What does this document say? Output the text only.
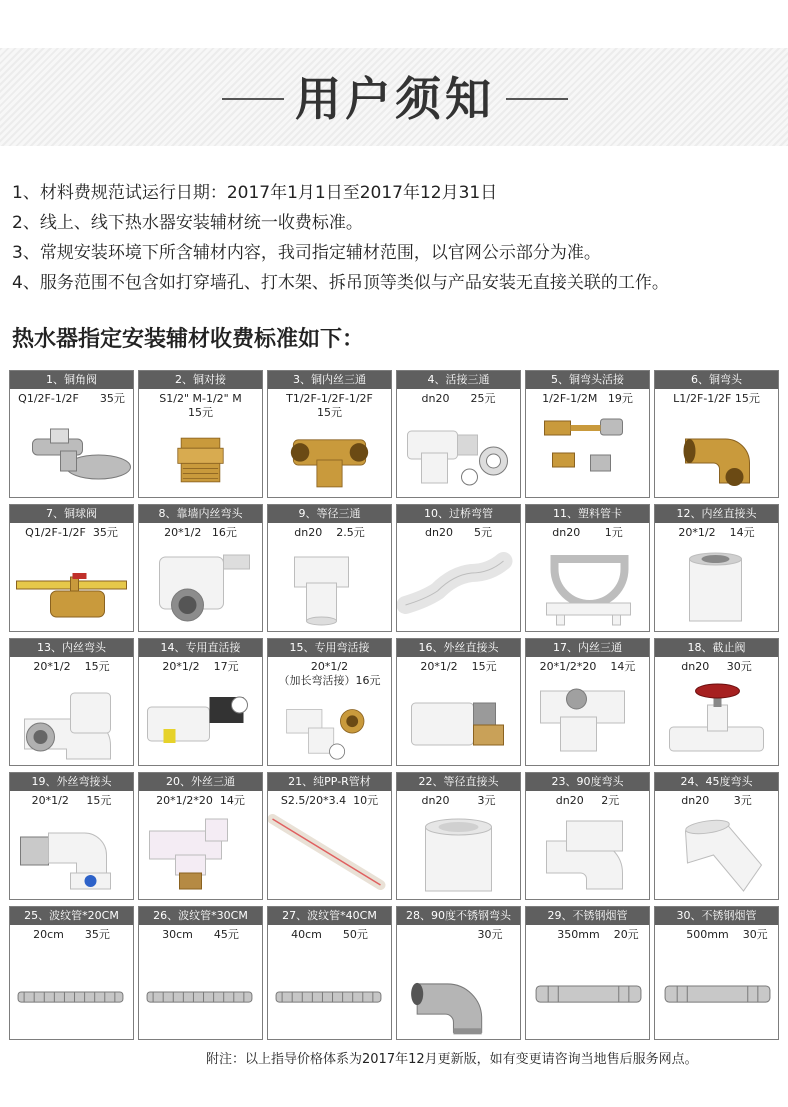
用户须知
1、材料费规范试运行日期：2017年1月1日至2017年12月31日
2、线上、线下热水器安装辅材统一收费标准。
3、常规安装环境下所含辅材内容，我司指定辅材范围，以官网公示部分为准。
4、服务范围不包含如打穿墙孔、打木架、拆吊顶等类似与产品安装无直接关联的工作。
热水器指定安装辅材收费标准如下：
1、铜角阀
Q1/2F-1/2F      35元
2、铜对接
S1/2" M-1/2" M
15元
3、铜内丝三通
T1/2F-1/2F-1/2F
15元
4、活接三通
dn20      25元
5、铜弯头活接
1/2F-1/2M   19元
6、铜弯头
L1/2F-1/2F 15元
7、铜球阀
Q1/2F-1/2F  35元
8、靠墙内丝弯头
20*1/2   16元
9、等径三通
dn20    2.5元
10、过桥弯管
dn20      5元
11、塑料管卡
dn20       1元
12、内丝直接头
20*1/2    14元
13、内丝弯头
20*1/2    15元
14、专用直活接
20*1/2    17元
15、专用弯活接
20*1/2
（加长弯活接）16元
16、外丝直接头
20*1/2    15元
17、内丝三通
20*1/2*20    14元
18、截止阀
dn20     30元
19、外丝弯接头
20*1/2     15元
20、外丝三通
20*1/2*20  14元
21、纯PP-R管材
S2.5/20*3.4  10元
22、等径直接头
dn20        3元
23、90度弯头
dn20     2元
24、45度弯头
dn20       3元
25、波纹管*20CM
20cm      35元
26、波纹管*30CM
30cm      45元
27、波纹管*40CM
40cm      50元
28、90度不锈钢弯头
30元
29、不锈钢烟管
350mm    20元
30、不锈钢烟管
500mm    30元
附注：以上指导价格体系为2017年12月更新版，如有变更请咨询当地售后服务网点。
